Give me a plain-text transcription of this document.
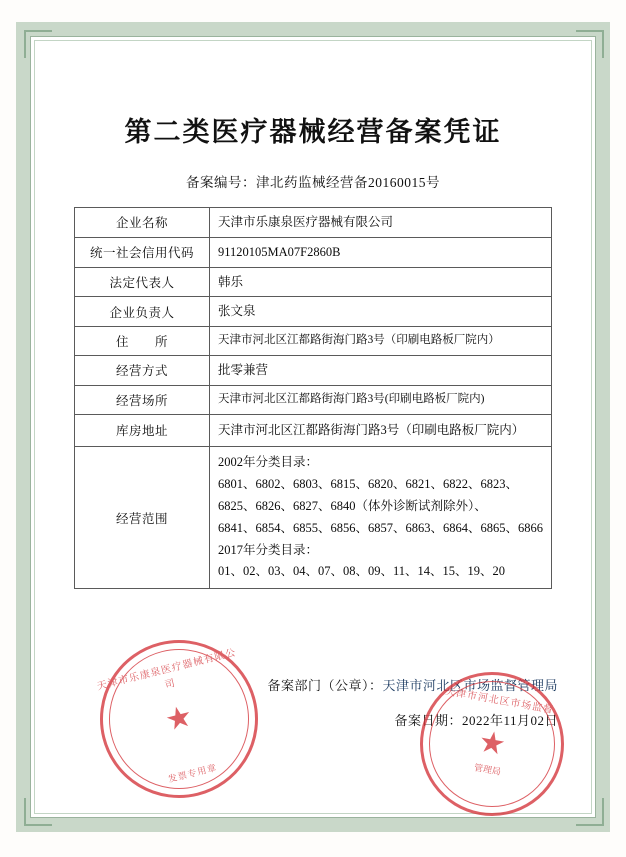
第二类医疗器械经营备案凭证
备案编号：津北药监械经营备20160015号
企业名称	天津市乐康泉医疗器械有限公司
统一社会信用代码	91120105MA07F2860B
法定代表人	韩乐
企业负责人	张文泉
住　　所	天津市河北区江都路街海门路3号（印刷电路板厂院内）
经营方式	批零兼营
经营场所	天津市河北区江都路街海门路3号(印刷电路板厂院内)
库房地址	天津市河北区江都路街海门路3号（印刷电路板厂院内）
经营范围	2002年分类目录：
6801、6802、6803、6815、6820、6821、6822、6823、6825、6826、6827、6840（体外诊断试剂除外）、
6841、6854、6855、6856、6857、6863、6864、6865、6866 2017年分类目录：
01、02、03、04、07、08、09、11、14、15、19、20
备案部门（公章）：天津市河北区市场监督管理局
备案日期：2022年11月02日
天津市乐康泉医疗器械有限公司
★
发票专用章
天津市河北区市场监督
★
管理局
